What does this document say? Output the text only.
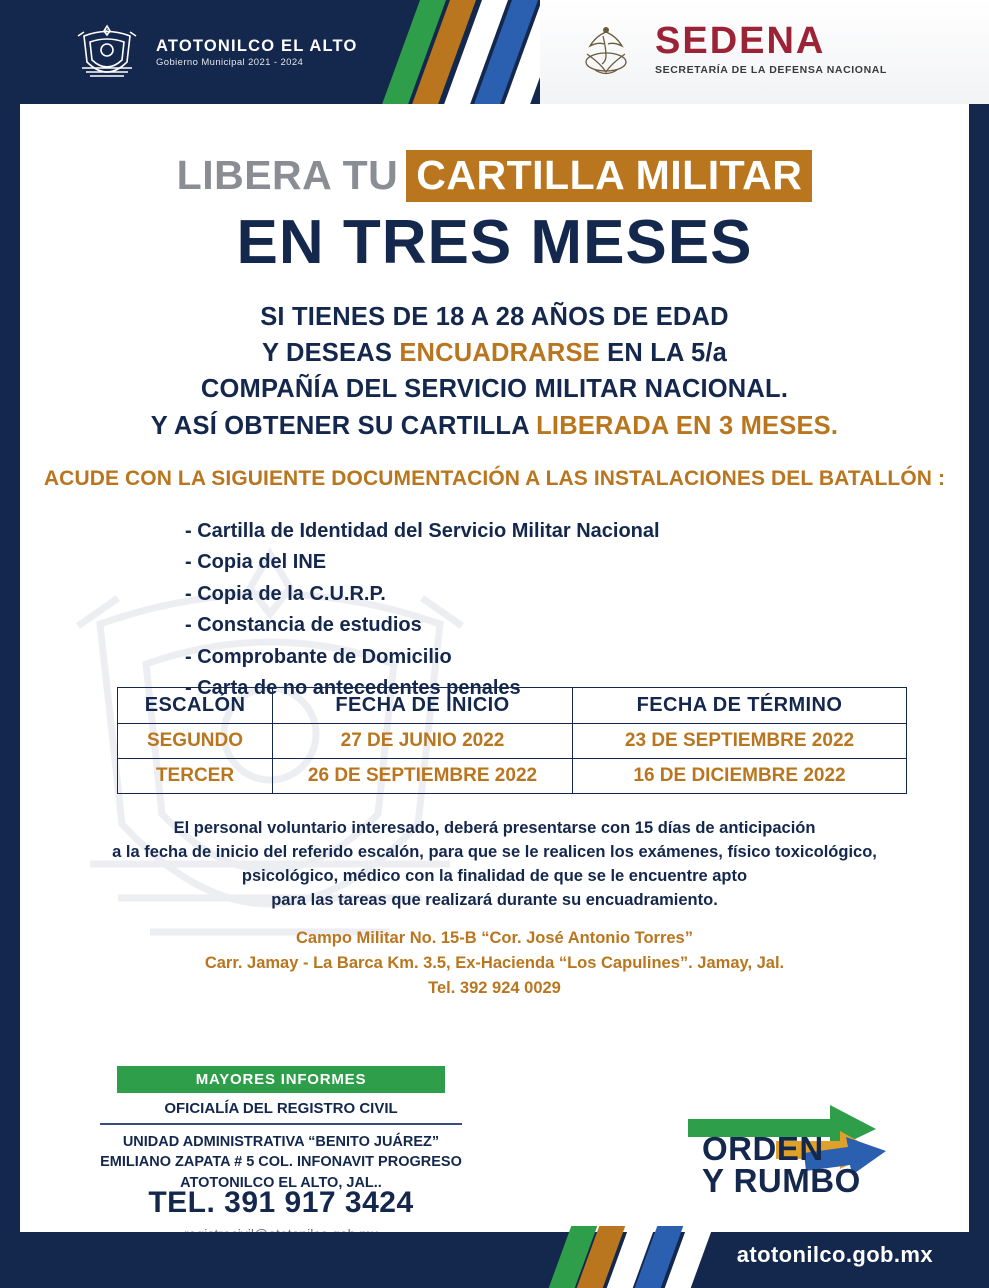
K
ATOTONILCO EL ALTO
Gobierno Municipal 2021 - 2024
SEDENA
SECRETARÍA DE LA DEFENSA NACIONAL
LIBERA TU CARTILLA MILITAR
EN TRES MESES
SI TIENES DE 18 A 28 AÑOS DE EDAD
Y DESEAS ENCUADRARSE EN LA 5/a
COMPAÑÍA DEL SERVICIO MILITAR NACIONAL.
Y ASÍ OBTENER SU CARTILLA LIBERADA EN 3 MESES.
ACUDE CON LA SIGUIENTE DOCUMENTACIÓN A LAS INSTALACIONES DEL BATALLÓN :
- Cartilla de Identidad del Servicio Militar Nacional
- Copia del INE
- Copia de la C.U.R.P.
- Constancia de estudios
- Comprobante de Domicilio
- Carta de no antecedentes penales
ESCALÓN	FECHA DE INICIO	FECHA DE TÉRMINO
SEGUNDO	27 DE JUNIO 2022	23 DE SEPTIEMBRE 2022
TERCER	26 DE SEPTIEMBRE 2022	16 DE DICIEMBRE 2022
El personal voluntario interesado, deberá presentarse con 15 días de anticipación
a la fecha de inicio del referido escalón, para que se le realicen los exámenes, físico toxicológico,
psicológico, médico con la finalidad de que se le encuentre apto
para las tareas que realizará durante su encuadramiento.
Campo Militar No. 15-B “Cor. José Antonio Torres”
Carr. Jamay - La Barca Km. 3.5, Ex-Hacienda “Los Capulines”. Jamay, Jal.
Tel. 392 924 0029
MAYORES INFORMES
OFICIALÍA DEL REGISTRO CIVIL
UNIDAD ADMINISTRATIVA “BENITO JUÁREZ”
EMILIANO ZAPATA # 5 COL. INFONAVIT PROGRESO
ATOTONILCO EL ALTO, JAL..
TEL. 391 917 3424
ORDEN
Y RUMBO
atotonilco.gob.mx
